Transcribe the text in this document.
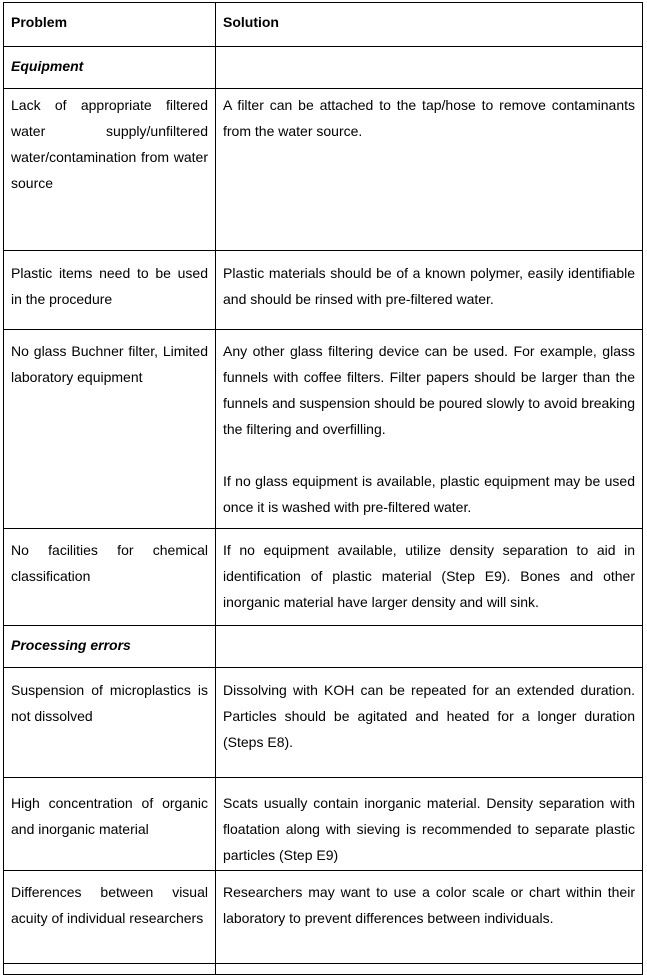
Problem	Solution
Equipment	
Lack of appropriate filtered water supply/unfiltered water/contamination from water source	A filter can be attached to the tap/hose to remove contaminants from the water source.

Plastic items need to be used in the procedure	Plastic materials should be of a known polymer, easily identifiable and should be rinsed with pre-filtered water.

No glass Buchner filter, Limited laboratory equipment	Any other glass filtering device can be used. For example, glass funnels with coffee filters. Filter papers should be larger than the funnels and suspension should be poured slowly to avoid breaking the filtering and overfilling.
If no glass equipment is available, plastic equipment may be used once it is washed with pre-filtered water.

No facilities for chemical classification	If no equipment available, utilize density separation to aid in identification of plastic material (Step E9). Bones and other inorganic material have larger density and will sink.

Processing errors	
Suspension of microplastics is not dissolved	Dissolving with KOH can be repeated for an extended duration. Particles should be agitated and heated for a longer duration (Steps E8).

High concentration of organic and inorganic material	Scats usually contain inorganic material. Density separation with floatation along with sieving is recommended to separate plastic particles (Step E9)

Differences between visual acuity of individual researchers	Researchers may want to use a color scale or chart within their laboratory to prevent differences between individuals.
